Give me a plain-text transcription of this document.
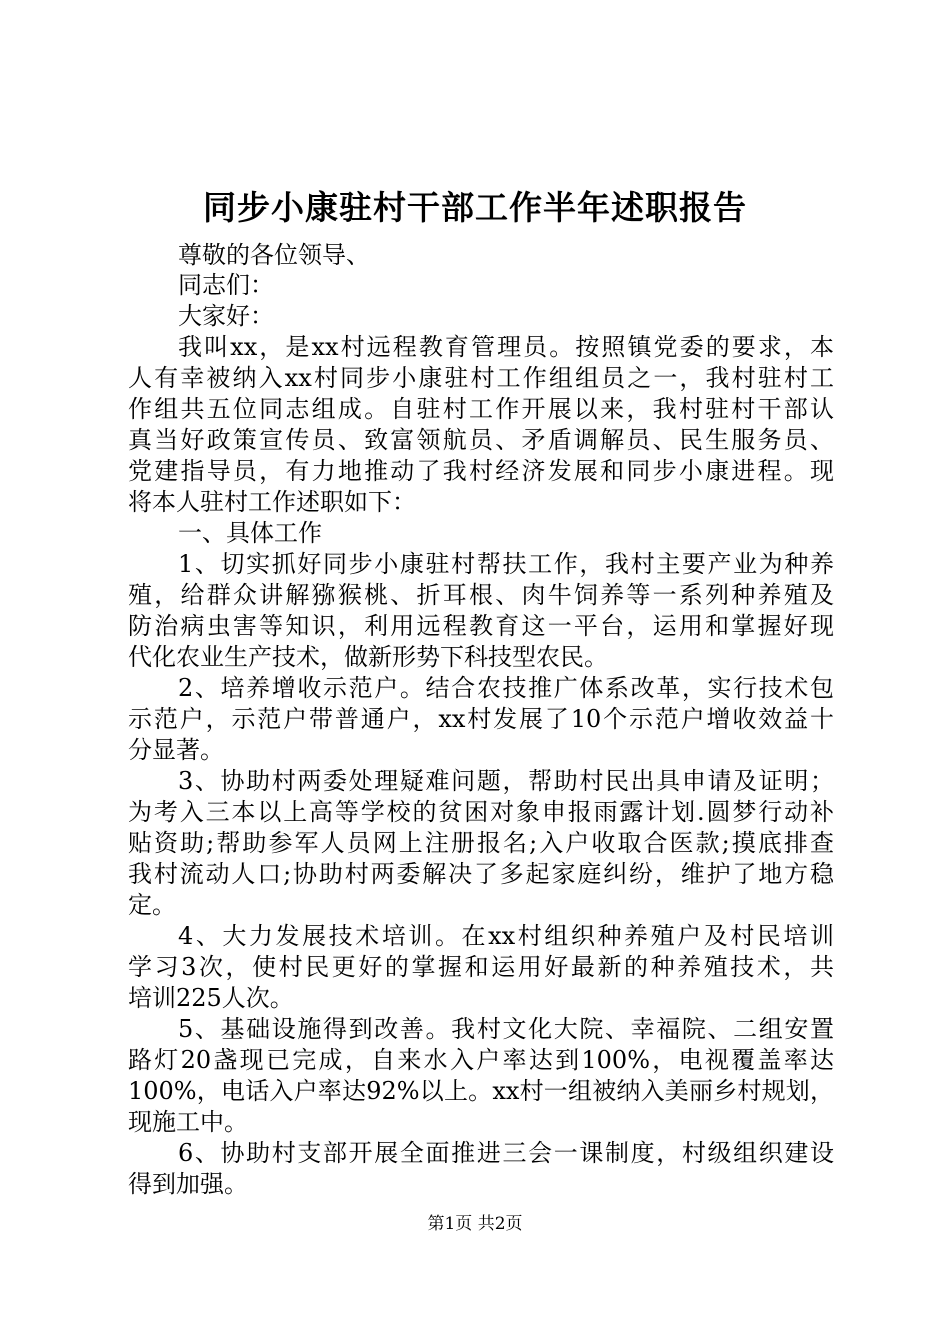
同步小康驻村干部工作半年述职报告
尊敬的各位领导、
同志们：
大家好：
我叫xx，是xx村远程教育管理员。按照镇党委的要求，本
人有幸被纳入xx村同步小康驻村工作组组员之一，我村驻村工
作组共五位同志组成。自驻村工作开展以来，我村驻村干部认
真当好政策宣传员、致富领航员、矛盾调解员、民生服务员、
党建指导员，有力地推动了我村经济发展和同步小康进程。现
将本人驻村工作述职如下：
一、具体工作
1、切实抓好同步小康驻村帮扶工作，我村主要产业为种养
殖，给群众讲解猕猴桃、折耳根、肉牛饲养等一系列种养殖及
防治病虫害等知识，利用远程教育这一平台，运用和掌握好现
代化农业生产技术，做新形势下科技型农民。
2、培养增收示范户。结合农技推广体系改革，实行技术包
示范户，示范户带普通户，xx村发展了10个示范户增收效益十
分显著。
3、协助村两委处理疑难问题，帮助村民出具申请及证明；
为考入三本以上高等学校的贫困对象申报雨露计划.圆梦行动补
贴资助;帮助参军人员网上注册报名;入户收取合医款;摸底排查
我村流动人口;协助村两委解决了多起家庭纠纷，维护了地方稳
定。
4、大力发展技术培训。在xx村组织种养殖户及村民培训
学习3次，使村民更好的掌握和运用好最新的种养殖技术，共
培训225人次。
5、基础设施得到改善。我村文化大院、幸福院、二组安置
路灯20盏现已完成，自来水入户率达到100%，电视覆盖率达
100%，电话入户率达92%以上。xx村一组被纳入美丽乡村规划，
现施工中。
6、协助村支部开展全面推进三会一课制度，村级组织建设
得到加强。
第1页 共2页
